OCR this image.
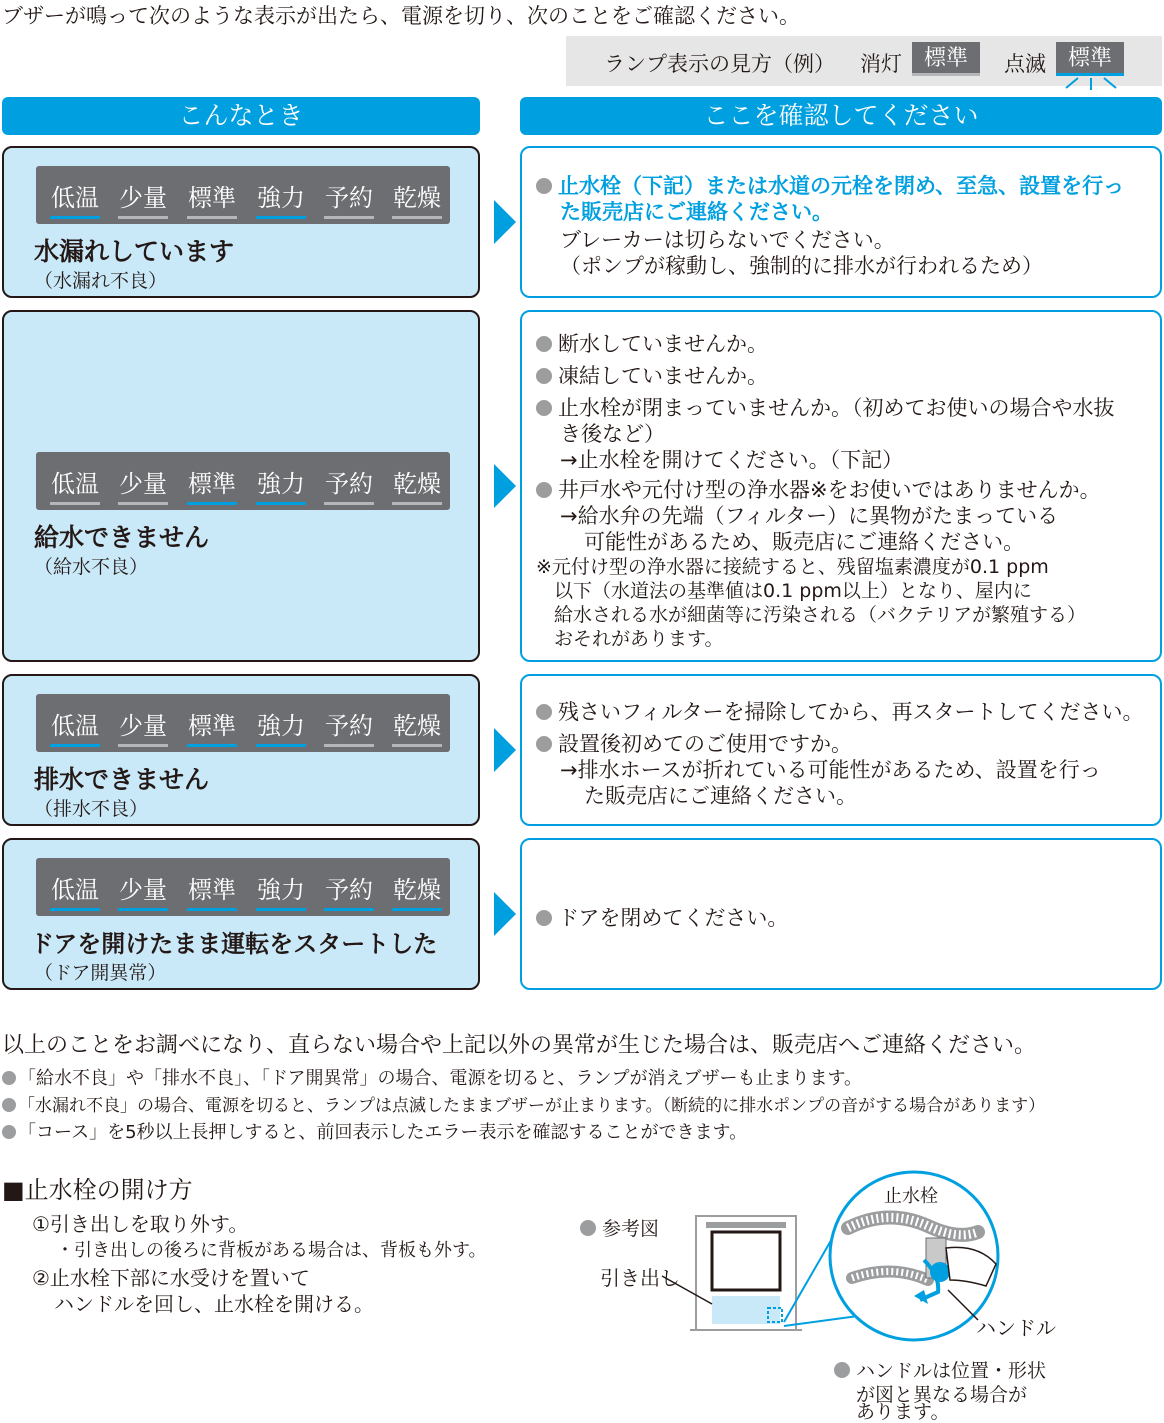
ブザーが鳴って次のような表示が出たら、電源を切り、次のことをご確認ください。
ランプ表示の見方（例） 消灯 標準	点滅 標準
こんなとき	ここを確認してください
低温 少量 標準 強力 予約 乾燥
水漏れしています
（水漏れ不良）
止水栓（下記）または水道の元栓を閉め、至急、設置を行っ
た販売店にご連絡ください。
ブレーカーは切らないでください。
（ポンプが稼動し、強制的に排水が行われるため）
低温 少量 標準 強力 予約 乾燥
給水できません
（給水不良）
断水していませんか。
凍結していませんか。
止水栓が閉まっていませんか。（初めてお使いの場合や水抜
き後など）
→止水栓を開けてください。（下記）
井戸水や元付け型の浄水器※をお使いではありませんか。
→給水弁の先端（フィルター）に異物がたまっている
可能性があるため、販売店にご連絡ください。
※元付け型の浄水器に接続すると、残留塩素濃度が0.1 ppm
以下（水道法の基準値は0.1 ppm以上）となり、屋内に
給水される水が細菌等に汚染される（バクテリアが繁殖する）
おそれがあります。
低温 少量 標準 強力 予約 乾燥
排水できません
（排水不良）
残さいフィルターを掃除してから、再スタートしてください。
設置後初めてのご使用ですか。
→排水ホースが折れている可能性があるため、設置を行っ
た販売店にご連絡ください。
低温 少量 標準 強力 予約 乾燥
ドアを開けたまま運転をスタートした
（ドア開異常）
ドアを閉めてください。
以上のことをお調べになり、直らない場合や上記以外の異常が生じた場合は、販売店へご連絡ください。
「給水不良」や「排水不良」、「ドア開異常」の場合、電源を切ると、ランプが消えブザーも止まります。
「水漏れ不良」の場合、電源を切ると、ランプは点滅したままブザーが止まります。（断続的に排水ポンプの音がする場合があります）
「コース」を5秒以上長押しすると、前回表示したエラー表示を確認することができます。
■止水栓の開け方
①引き出しを取り外す。
・引き出しの後ろに背板がある場合は、背板も外す。
②止水栓下部に水受けを置いて
ハンドルを回し、止水栓を開ける。
参考図
引き出し
止水栓
ハンドル
ハンドルは位置・形状
が図と異なる場合が
あります。
